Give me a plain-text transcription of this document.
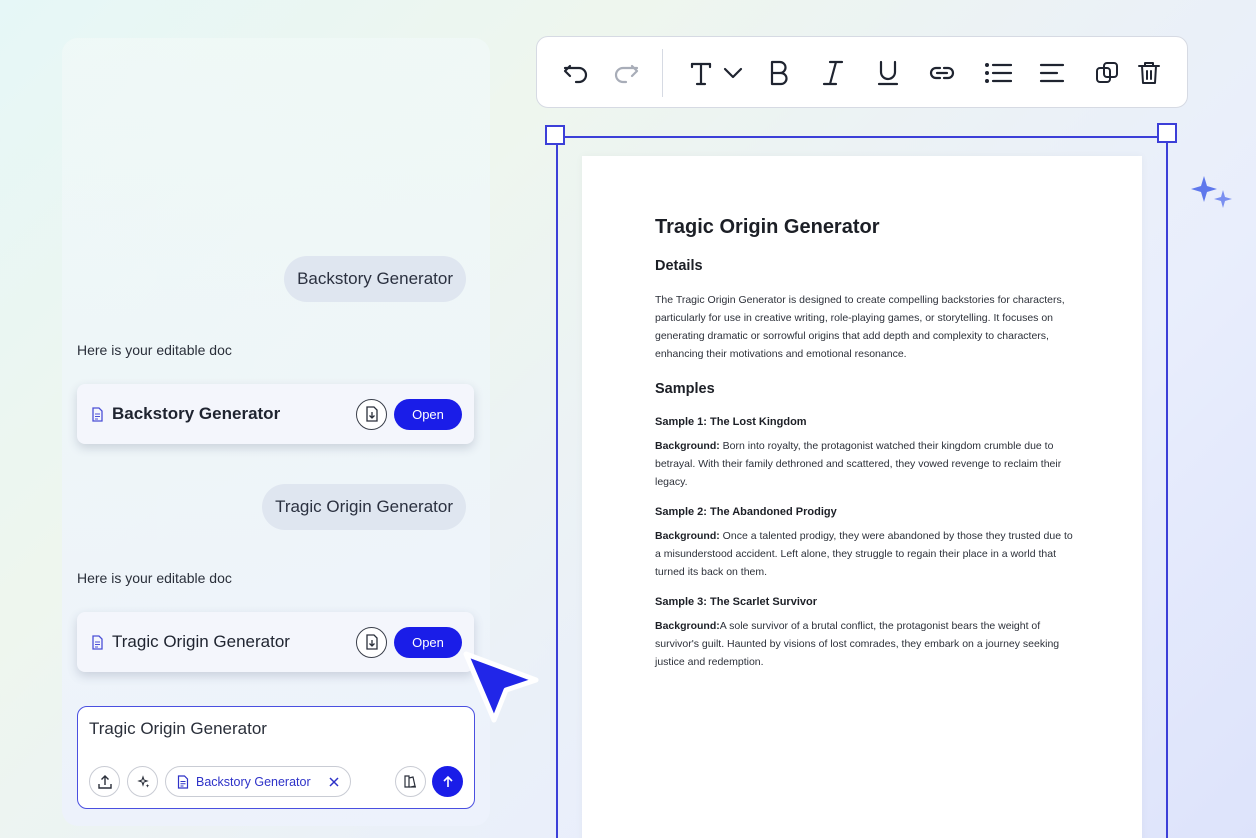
Backstory Generator
Here is your editable doc
Backstory Generator	Open
Tragic Origin Generator
Here is your editable doc
Tragic Origin Generator	Open
Tragic Origin Generator
Backstory Generator
Tragic Origin Generator
Details
The Tragic Origin Generator is designed to create compelling backstories for characters, particularly for use in creative writing, role-playing games, or storytelling. It focuses on generating dramatic or sorrowful origins that add depth and complexity to characters, enhancing their motivations and emotional resonance.
Samples
Sample 1: The Lost Kingdom
Background: Born into royalty, the protagonist watched their kingdom crumble due to betrayal. With their family dethroned and scattered, they vowed revenge to reclaim their legacy.
Sample 2: The Abandoned Prodigy
Background: Once a talented prodigy, they were abandoned by those they trusted due to a misunderstood accident. Left alone, they struggle to regain their place in a world that turned its back on them.
Sample 3: The Scarlet Survivor
Background:A sole survivor of a brutal conflict, the protagonist bears the weight of survivor's guilt. Haunted by visions of lost comrades, they embark on a journey seeking justice and redemption.
